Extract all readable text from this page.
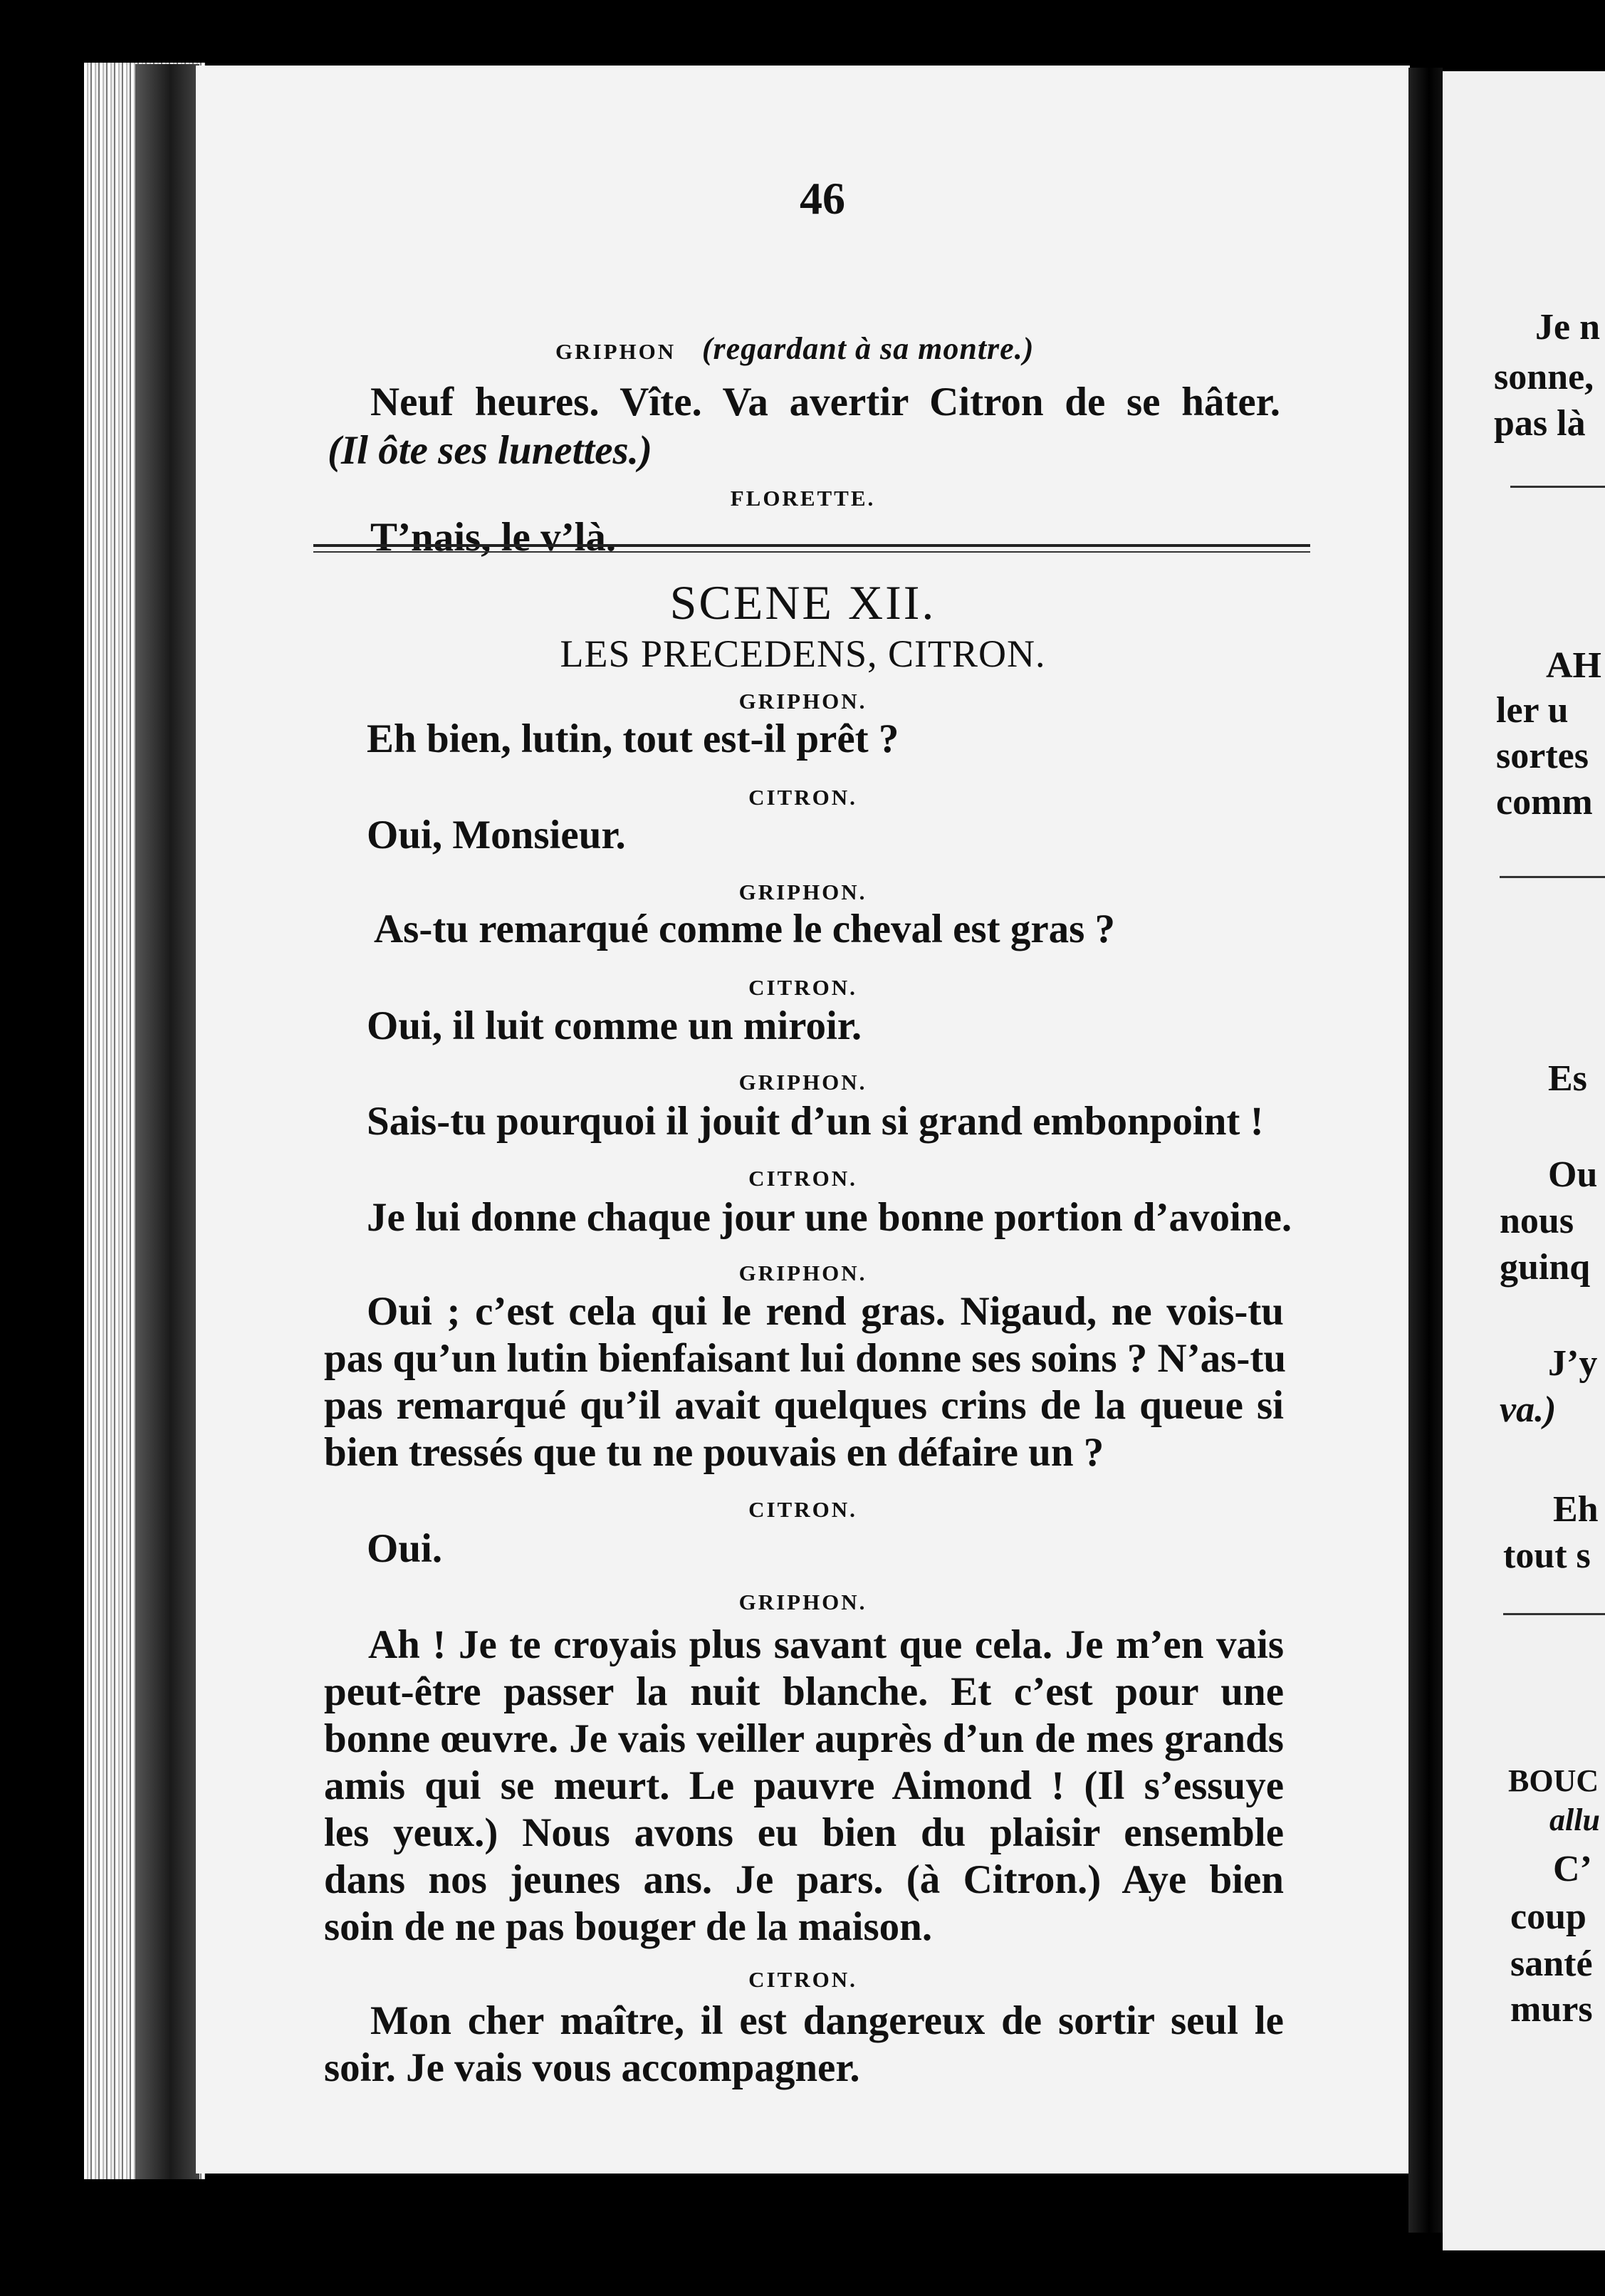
46
GRIPHON (regardant à sa montre.)
Neuf heures. Vîte. Va avertir Citron de se hâter.
(Il ôte ses lunettes.)
FLORETTE.
T’nais, le v’là.
SCENE XII.
LES PRECEDENS, CITRON.
GRIPHON.
Eh bien, lutin, tout est-il prêt ?
CITRON.
Oui, Monsieur.
GRIPHON.
As-tu remarqué comme le cheval est gras ?
CITRON.
Oui, il luit comme un miroir.
GRIPHON.
Sais-tu pourquoi il jouit d’un si grand embonpoint !
CITRON.
Je lui donne chaque jour une bonne portion d’avoine.
GRIPHON.
Oui ; c’est cela qui le rend gras. Nigaud, ne vois-tu
pas qu’un lutin bienfaisant lui donne ses soins ? N’as-tu
pas remarqué qu’il avait quelques crins de la queue si
bien tressés que tu ne pouvais en défaire un ?
CITRON.
Oui.
GRIPHON.
Ah ! Je te croyais plus savant que cela. Je m’en vais
peut-être passer la nuit blanche. Et c’est pour une
bonne œuvre. Je vais veiller auprès d’un de mes grands
amis qui se meurt. Le pauvre Aimond ! (Il s’essuye
les yeux.) Nous avons eu bien du plaisir ensemble
dans nos jeunes ans. Je pars. (à Citron.) Aye bien
soin de ne pas bouger de la maison.
CITRON.
Mon cher maître, il est dangereux de sortir seul le
soir. Je vais vous accompagner.
Je n
sonne,
pas là
AH
ler u
sortes
comm
Es
Ou
nous
guinq
J’y
va.)
Eh
tout s
BOUC
allu
C’
coup
santé
murs
